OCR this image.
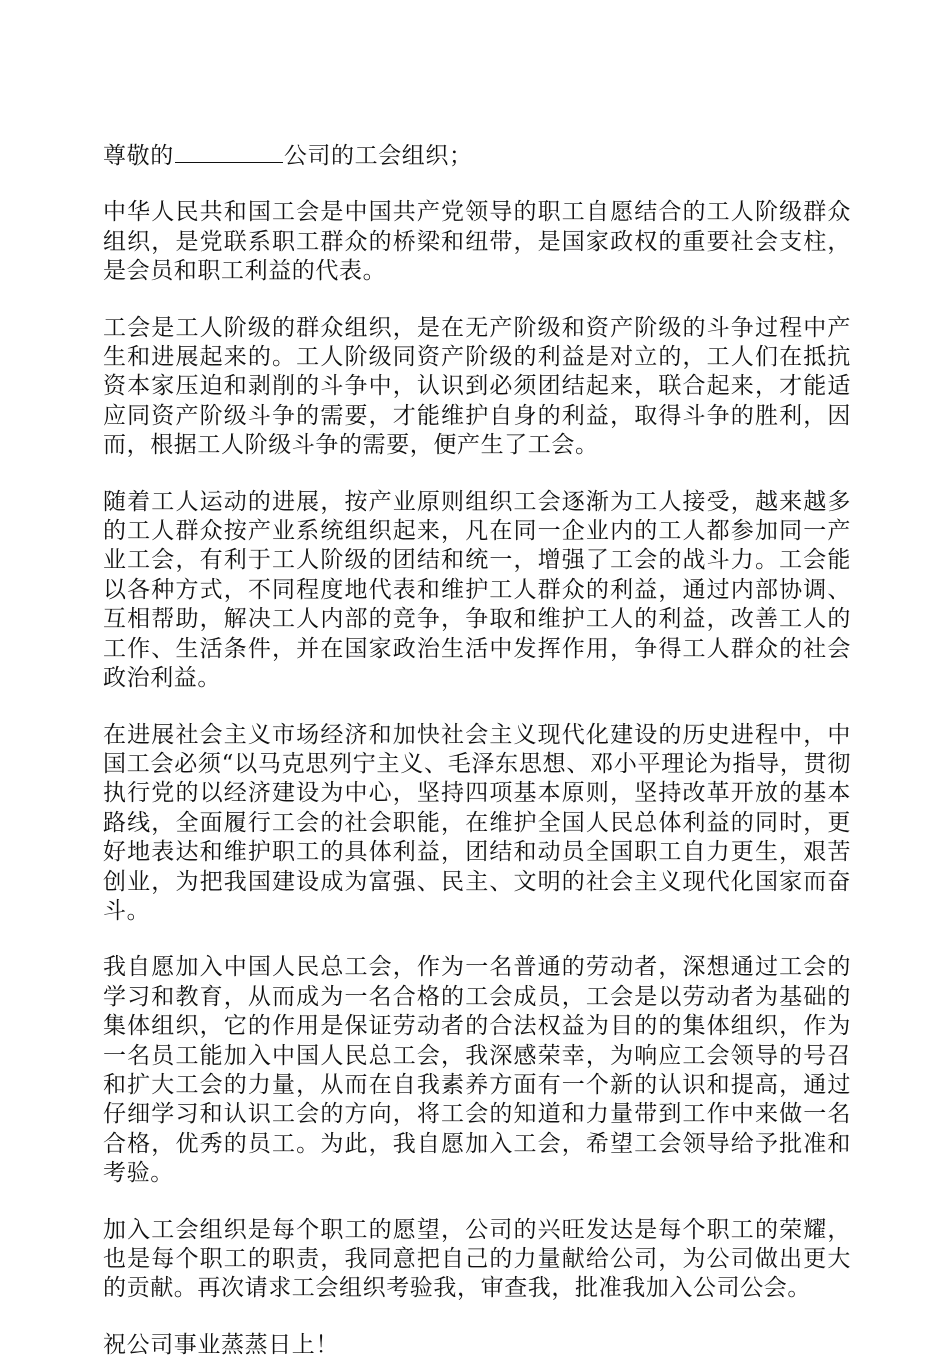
尊敬的	公司的工会组织；

中华人民共和国工会是中国共产党领导的职工自愿结合的工人阶级群众组织，是党联系职工群众的桥梁和纽带，是国家政权的重要社会支柱，是会员和职工利益的代表。

工会是工人阶级的群众组织，是在无产阶级和资产阶级的斗争过程中产生和进展起来的。工人阶级同资产阶级的利益是对立的，工人们在抵抗资本家压迫和剥削的斗争中，认识到必须团结起来，联合起来，才能适应同资产阶级斗争的需要，才能维护自身的利益，取得斗争的胜利，因而，根据工人阶级斗争的需要，便产生了工会。

随着工人运动的进展，按产业原则组织工会逐渐为工人接受，越来越多的工人群众按产业系统组织起来，凡在同一企业内的工人都参加同一产业工会，有利于工人阶级的团结和统一，增强了工会的战斗力。工会能以各种方式，不同程度地代表和维护工人群众的利益，通过内部协调、互相帮助，解决工人内部的竞争，争取和维护工人的利益，改善工人的工作、生活条件，并在国家政治生活中发挥作用，争得工人群众的社会政治利益。

在进展社会主义市场经济和加快社会主义现代化建设的历史进程中，中国工会必须“以马克思列宁主义、毛泽东思想、邓小平理论为指导，贯彻执行党的以经济建设为中心，坚持四项基本原则，坚持改革开放的基本路线，全面履行工会的社会职能，在维护全国人民总体利益的同时，更好地表达和维护职工的具体利益，团结和动员全国职工自力更生，艰苦创业，为把我国建设成为富强、民主、文明的社会主义现代化国家而奋斗。

我自愿加入中国人民总工会，作为一名普通的劳动者，深想通过工会的学习和教育，从而成为一名合格的工会成员，工会是以劳动者为基础的集体组织，它的作用是保证劳动者的合法权益为目的的集体组织，作为一名员工能加入中国人民总工会，我深感荣幸，为响应工会领导的号召和扩大工会的力量，从而在自我素养方面有一个新的认识和提高，通过仔细学习和认识工会的方向，将工会的知道和力量带到工作中来做一名合格，优秀的员工。为此，我自愿加入工会，希望工会领导给予批准和考验。

加入工会组织是每个职工的愿望，公司的兴旺发达是每个职工的荣耀，也是每个职工的职责，我同意把自己的力量献给公司，为公司做出更大的贡献。再次请求工会组织考验我，审查我，批准我加入公司公会。

祝公司事业蒸蒸日上！
